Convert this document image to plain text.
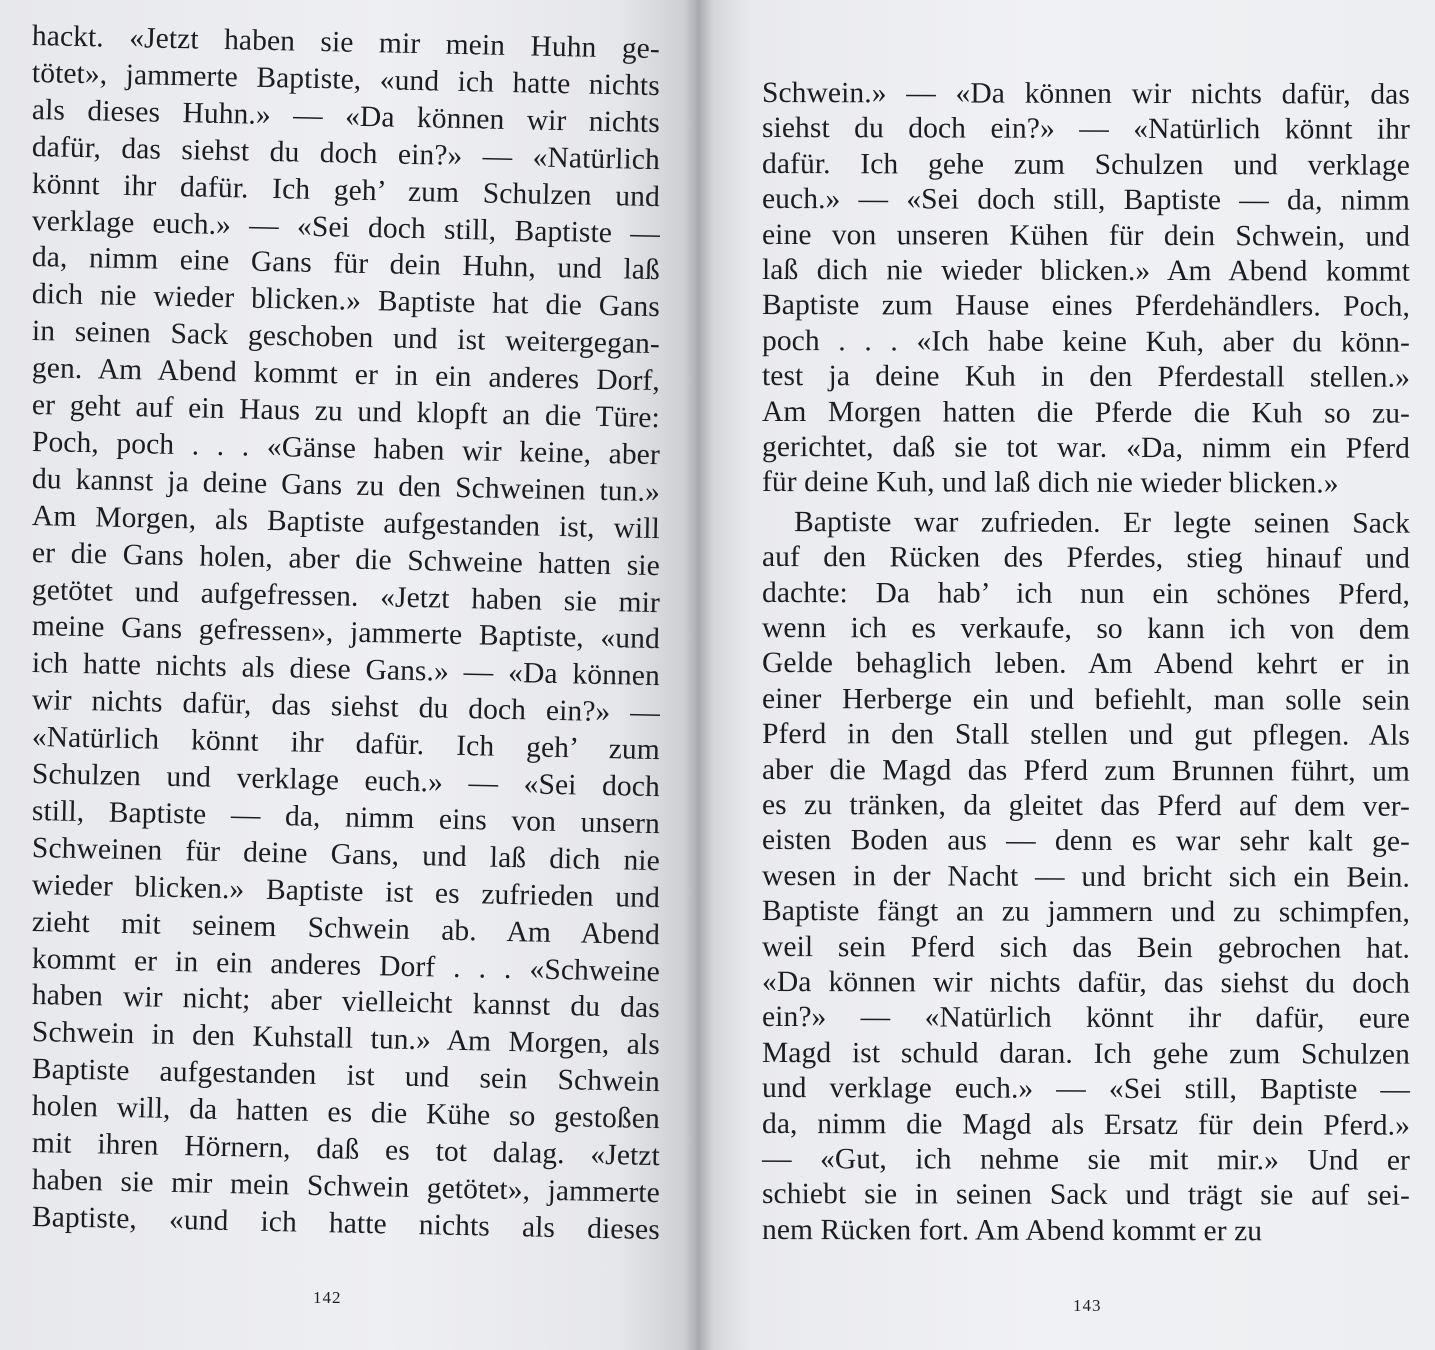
hackt. «Jetzt haben sie mir mein Huhn ge-
tötet», jammerte Baptiste, «und ich hatte nichts
als dieses Huhn.» — «Da können wir nichts
dafür, das siehst du doch ein?» — «Natürlich
könnt ihr dafür. Ich geh’ zum Schulzen und
verklage euch.» — «Sei doch still, Baptiste —
da, nimm eine Gans für dein Huhn, und laß
dich nie wieder blicken.» Baptiste hat die Gans
in seinen Sack geschoben und ist weitergegan-
gen. Am Abend kommt er in ein anderes Dorf,
er geht auf ein Haus zu und klopft an die Türe:
Poch, poch . . . «Gänse haben wir keine, aber
du kannst ja deine Gans zu den Schweinen tun.»
Am Morgen, als Baptiste aufgestanden ist, will
er die Gans holen, aber die Schweine hatten sie
getötet und aufgefressen. «Jetzt haben sie mir
meine Gans gefressen», jammerte Baptiste, «und
ich hatte nichts als diese Gans.» — «Da können
wir nichts dafür, das siehst du doch ein?» —
«Natürlich könnt ihr dafür. Ich geh’ zum
Schulzen und verklage euch.» — «Sei doch
still, Baptiste — da, nimm eins von unsern
Schweinen für deine Gans, und laß dich nie
wieder blicken.» Baptiste ist es zufrieden und
zieht mit seinem Schwein ab. Am Abend
kommt er in ein anderes Dorf . . . «Schweine
haben wir nicht; aber vielleicht kannst du das
Schwein in den Kuhstall tun.» Am Morgen, als
Baptiste aufgestanden ist und sein Schwein
holen will, da hatten es die Kühe so gestoßen
mit ihren Hörnern, daß es tot dalag. «Jetzt
haben sie mir mein Schwein getötet», jammerte
Baptiste, «und ich hatte nichts als dieses
142
Schwein.» — «Da können wir nichts dafür, das
siehst du doch ein?» — «Natürlich könnt ihr
dafür. Ich gehe zum Schulzen und verklage
euch.» — «Sei doch still, Baptiste — da, nimm
eine von unseren Kühen für dein Schwein, und
laß dich nie wieder blicken.» Am Abend kommt
Baptiste zum Hause eines Pferdehändlers. Poch,
poch . . . «Ich habe keine Kuh, aber du könn-
test ja deine Kuh in den Pferdestall stellen.»
Am Morgen hatten die Pferde die Kuh so zu-
gerichtet, daß sie tot war. «Da, nimm ein Pferd
für deine Kuh, und laß dich nie wieder blicken.»
Baptiste war zufrieden. Er legte seinen Sack
auf den Rücken des Pferdes, stieg hinauf und
dachte: Da hab’ ich nun ein schönes Pferd,
wenn ich es verkaufe, so kann ich von dem
Gelde behaglich leben. Am Abend kehrt er in
einer Herberge ein und befiehlt, man solle sein
Pferd in den Stall stellen und gut pflegen. Als
aber die Magd das Pferd zum Brunnen führt, um
es zu tränken, da gleitet das Pferd auf dem ver-
eisten Boden aus — denn es war sehr kalt ge-
wesen in der Nacht — und bricht sich ein Bein.
Baptiste fängt an zu jammern und zu schimpfen,
weil sein Pferd sich das Bein gebrochen hat.
«Da können wir nichts dafür, das siehst du doch
ein?» — «Natürlich könnt ihr dafür, eure
Magd ist schuld daran. Ich gehe zum Schulzen
und verklage euch.» — «Sei still, Baptiste —
da, nimm die Magd als Ersatz für dein Pferd.»
— «Gut, ich nehme sie mit mir.» Und er
schiebt sie in seinen Sack und trägt sie auf sei-
nem Rücken fort. Am Abend kommt er zu
143
